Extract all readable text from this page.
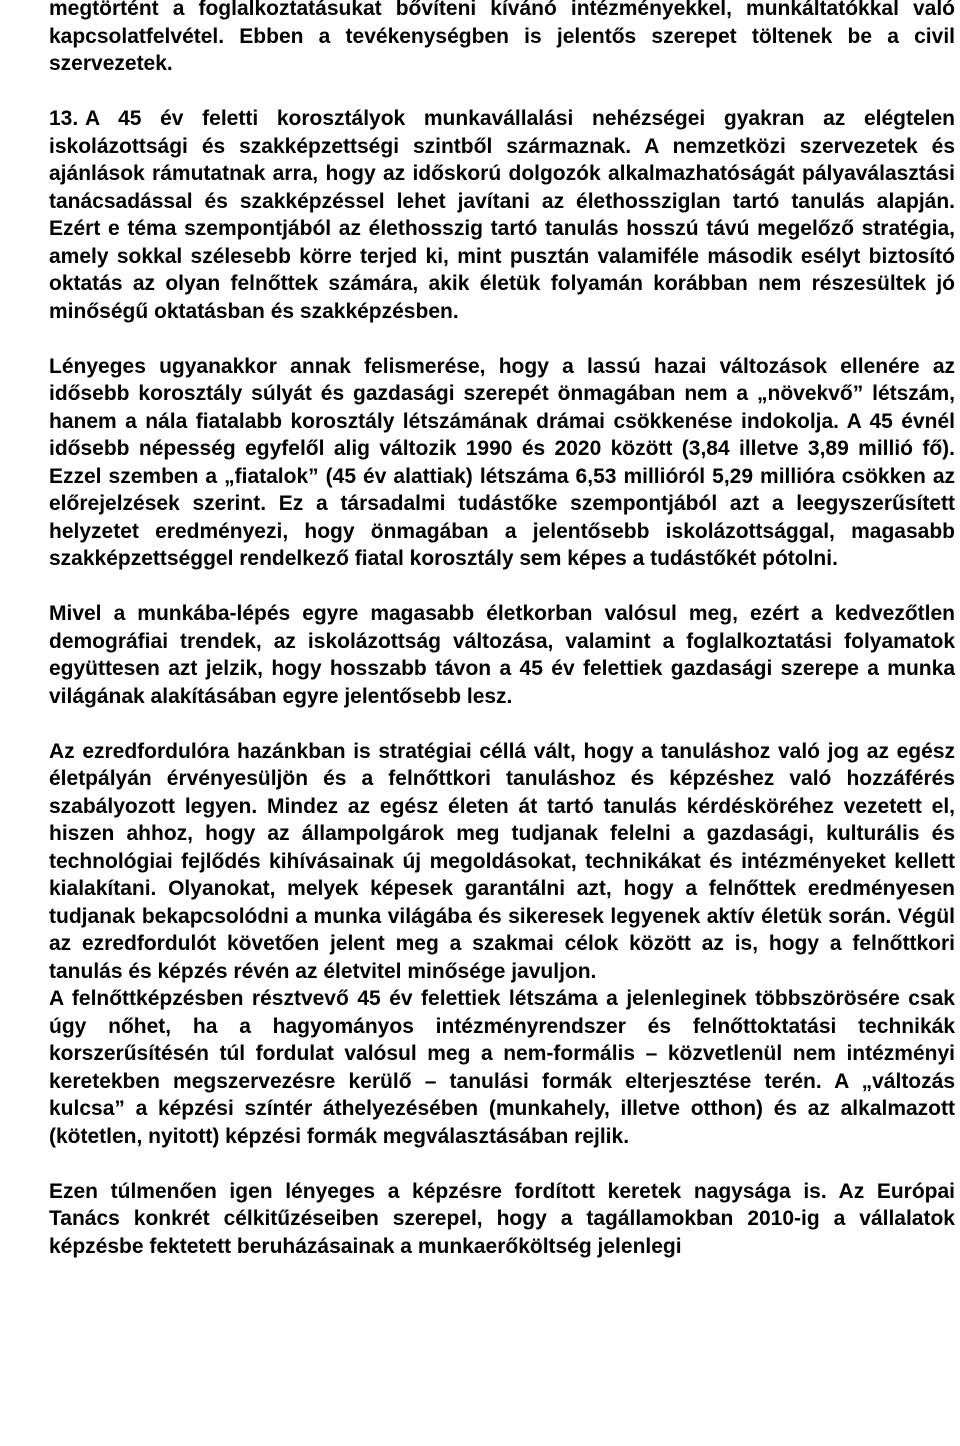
megtörtént a foglalkoztatásukat bővíteni kívánó intézményekkel, munkáltatókkal való kapcsolatfelvétel. Ebben a tevékenységben is jelentős szerepet töltenek be a civil szervezetek.

13. A 45 év feletti korosztályok munkavállalási nehézségei gyakran az elégtelen iskolázottsági és szakképzettségi szintből származnak. A nemzetközi szervezetek és ajánlások rámutatnak arra, hogy az időskorú dolgozók alkalmazhatóságát pályaválasztási tanácsadással és szakképzéssel lehet javítani az élethossziglan tartó tanulás alapján. Ezért e téma szempontjából az élethosszig tartó tanulás hosszú távú megelőző stratégia, amely sokkal szélesebb körre terjed ki, mint pusztán valamiféle második esélyt biztosító oktatás az olyan felnőttek számára, akik életük folyamán korábban nem részesültek jó minőségű oktatásban és szakképzésben.

Lényeges ugyanakkor annak felismerése, hogy a lassú hazai változások ellenére az idősebb korosztály súlyát és gazdasági szerepét önmagában nem a „növekvő” létszám, hanem a nála fiatalabb korosztály létszámának drámai csökkenése indokolja. A 45 évnél idősebb népesség egyfelől alig változik 1990 és 2020 között (3,84 illetve 3,89 millió fő). Ezzel szemben a „fiatalok” (45 év alattiak) létszáma 6,53 millióról 5,29 millióra csökken az előrejelzések szerint. Ez a társadalmi tudástőke szempontjából azt a leegyszerűsített helyzetet eredményezi, hogy önmagában a jelentősebb iskolázottsággal, magasabb szakképzettséggel rendelkező fiatal korosztály sem képes a tudástőkét pótolni.

Mivel a munkába-lépés egyre magasabb életkorban valósul meg, ezért a kedvezőtlen demográfiai trendek, az iskolázottság változása, valamint a foglalkoztatási folyamatok együttesen azt jelzik, hogy hosszabb távon a 45 év felettiek gazdasági szerepe a munka világának alakításában egyre jelentősebb lesz.

Az ezredfordulóra hazánkban is stratégiai céllá vált, hogy a tanuláshoz való jog az egész életpályán érvényesüljön és a felnőttkori tanuláshoz és képzéshez való hozzáférés szabályozott legyen. Mindez az egész életen át tartó tanulás kérdésköréhez vezetett el, hiszen ahhoz, hogy az állampolgárok meg tudjanak felelni a gazdasági, kulturális és technológiai fejlődés kihívásainak új megoldásokat, technikákat és intézményeket kellett kialakítani. Olyanokat, melyek képesek garantálni azt, hogy a felnőttek eredményesen tudjanak bekapcsolódni a munka világába és sikeresek legyenek aktív életük során. Végül az ezredfordulót követően jelent meg a szakmai célok között az is, hogy a felnőttkori tanulás és képzés révén az életvitel minősége javuljon.

A felnőttképzésben résztvevő 45 év felettiek létszáma a jelenleginek többszörösére csak úgy nőhet, ha a hagyományos intézményrendszer és felnőttoktatási technikák korszerűsítésén túl fordulat valósul meg a nem-formális – közvetlenül nem intézményi keretekben megszervezésre kerülő – tanulási formák elterjesztése terén. A „változás kulcsa” a képzési színtér áthelyezésében (munkahely, illetve otthon) és az alkalmazott (kötetlen, nyitott) képzési formák megválasztásában rejlik.

Ezen túlmenően igen lényeges a képzésre fordított keretek nagysága is. Az Európai Tanács konkrét célkitűzéseiben szerepel, hogy a tagállamokban 2010-ig a vállalatok képzésbe fektetett beruházásainak a munkaerőköltség jelenlegi
